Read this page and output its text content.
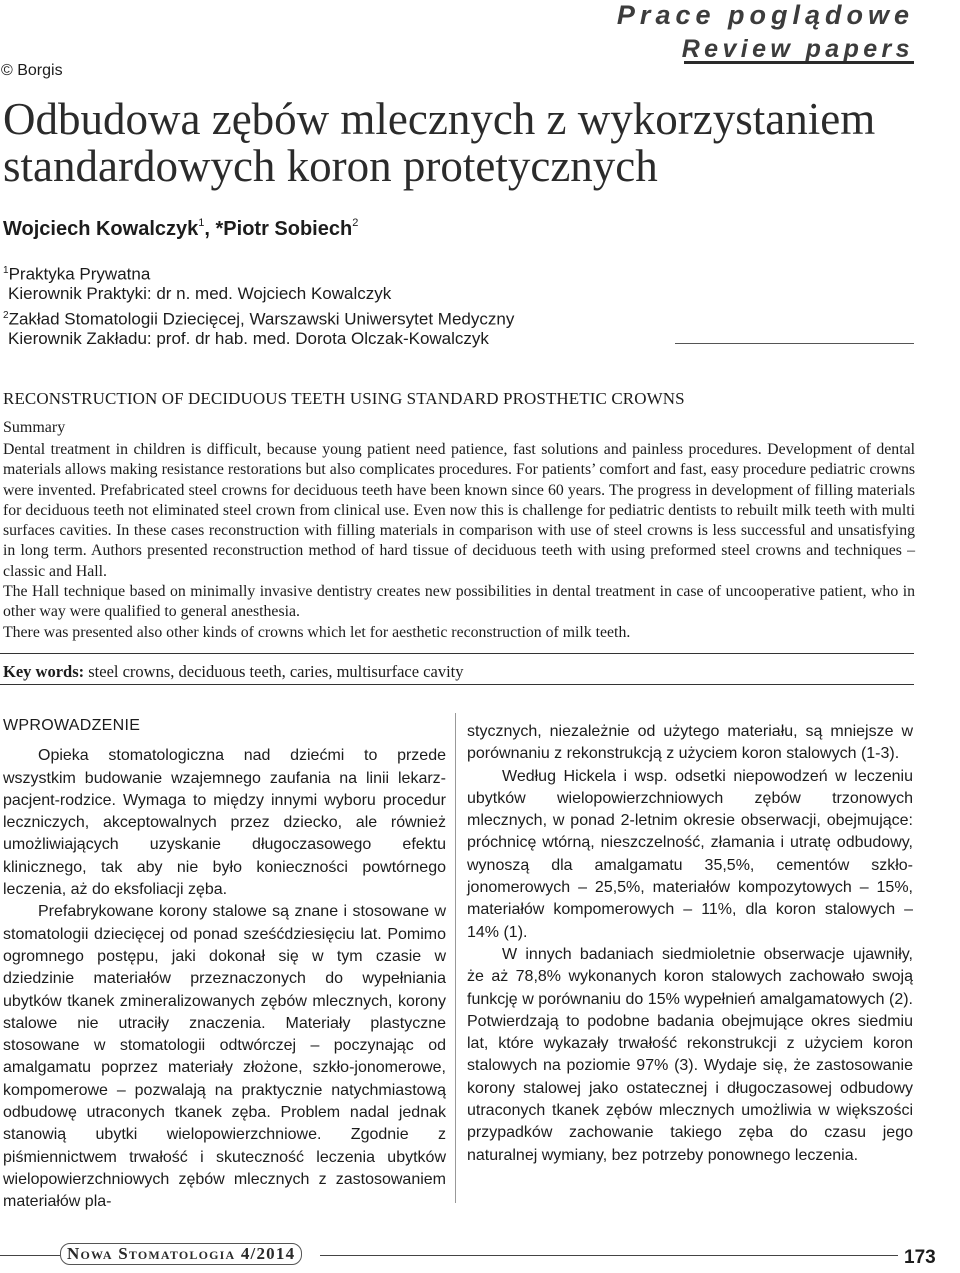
Prace poglądowe
Review papers
© Borgis
Odbudowa zębów mlecznych z wykorzystaniem standardowych koron protetycznych
Wojciech Kowalczyk$^1$, *Piotr Sobiech$^2$
$^1$Praktyka Prywatna
Kierownik Praktyki: dr n. med. Wojciech Kowalczyk
$^2$Zakład Stomatologii Dziecięcej, Warszawski Uniwersytet Medyczny
Kierownik Zakładu: prof. dr hab. med. Dorota Olczak-Kowalczyk
RECONSTRUCTION OF DECIDUOUS TEETH USING STANDARD PROSTHETIC CROWNS
Summary

Dental treatment in children is difficult, because young patient need patience, fast solutions and painless procedures. Development of dental materials allows making resistance restorations but also complicates procedures. For patients’ comfort and fast, easy procedure pediatric crowns were invented. Prefabricated steel crowns for deciduous teeth have been known since 60 years. The progress in development of filling materials for deciduous teeth not eliminated steel crown from clinical use. Even now this is challenge for pediatric dentists to rebuilt milk teeth with multi surfaces cavities. In these cases reconstruction with filling materials in comparison with use of steel crowns is less successful and unsatisfying in long term. Authors presented reconstruction method of hard tissue of deciduous teeth with using preformed steel crowns and techniques – classic and Hall.

The Hall technique based on minimally invasive dentistry creates new possibilities in dental treatment in case of uncooperative patient, who in other way were qualified to general anesthesia.

There was presented also other kinds of crowns which let for aesthetic reconstruction of milk teeth.

Key words: steel crowns, deciduous teeth, caries, multisurface cavity

WPROWADZENIE

Opieka stomatologiczna nad dziećmi to przede wszystkim budowanie wzajemnego zaufania na linii lekarz-pacjent-rodzice. Wymaga to między innymi wyboru procedur leczniczych, akceptowalnych przez dziecko, ale również umożliwiających uzyskanie długoczasowego efektu klinicznego, tak aby nie było konieczności powtórnego leczenia, aż do eksfoliacji zęba.

Prefabrykowane korony stalowe są znane i stosowane w stomatologii dziecięcej od ponad sześćdziesięciu lat. Pomimo ogromnego postępu, jaki dokonał się w tym czasie w dziedzinie materiałów przeznaczonych do wypełniania ubytków tkanek zmineralizowanych zębów mlecznych, korony stalowe nie utraciły znaczenia. Materiały plastyczne stosowane w stomatologii odtwórczej – poczynając od amalgamatu poprzez materiały złożone, szkło-jonomerowe, kompomerowe – pozwalają na praktycznie natychmiastową odbudowę utraconych tkanek zęba. Problem nadal jednak stanowią ubytki wielopowierzchniowe. Zgodnie z piśmiennictwem trwałość i skuteczność leczenia ubytków wielopowierzchniowych zębów mlecznych z zastosowaniem materiałów pla-

stycznych, niezależnie od użytego materiału, są mniejsze w porównaniu z rekonstrukcją z użyciem koron stalowych (1-3).

Według Hickela i wsp. odsetki niepowodzeń w leczeniu ubytków wielopowierzchniowych zębów trzonowych mlecznych, w ponad 2-letnim okresie obserwacji, obejmujące: próchnicę wtórną, nieszczelność, złamania i utratę odbudowy, wynoszą dla amalgamatu 35,5%, cementów szkło-jonomerowych – 25,5%, materiałów kompozytowych – 15%, materiałów kompomerowych – 11%, dla koron stalowych – 14% (1).

W innych badaniach siedmioletnie obserwacje ujawniły, że aż 78,8% wykonanych koron stalowych zachowało swoją funkcję w porównaniu do 15% wypełnień amalgamatowych (2). Potwierdzają to podobne badania obejmujące okres siedmiu lat, które wykazały trwałość rekonstrukcji z użyciem koron stalowych na poziomie 97% (3). Wydaje się, że zastosowanie korony stalowej jako ostatecznej i długoczasowej odbudowy utraconych tkanek zębów mlecznych umożliwia w większości przypadków zachowanie takiego zęba do czasu jego naturalnej wymiany, bez potrzeby ponownego leczenia.

Nowa Stomatologia 4/2014	173
